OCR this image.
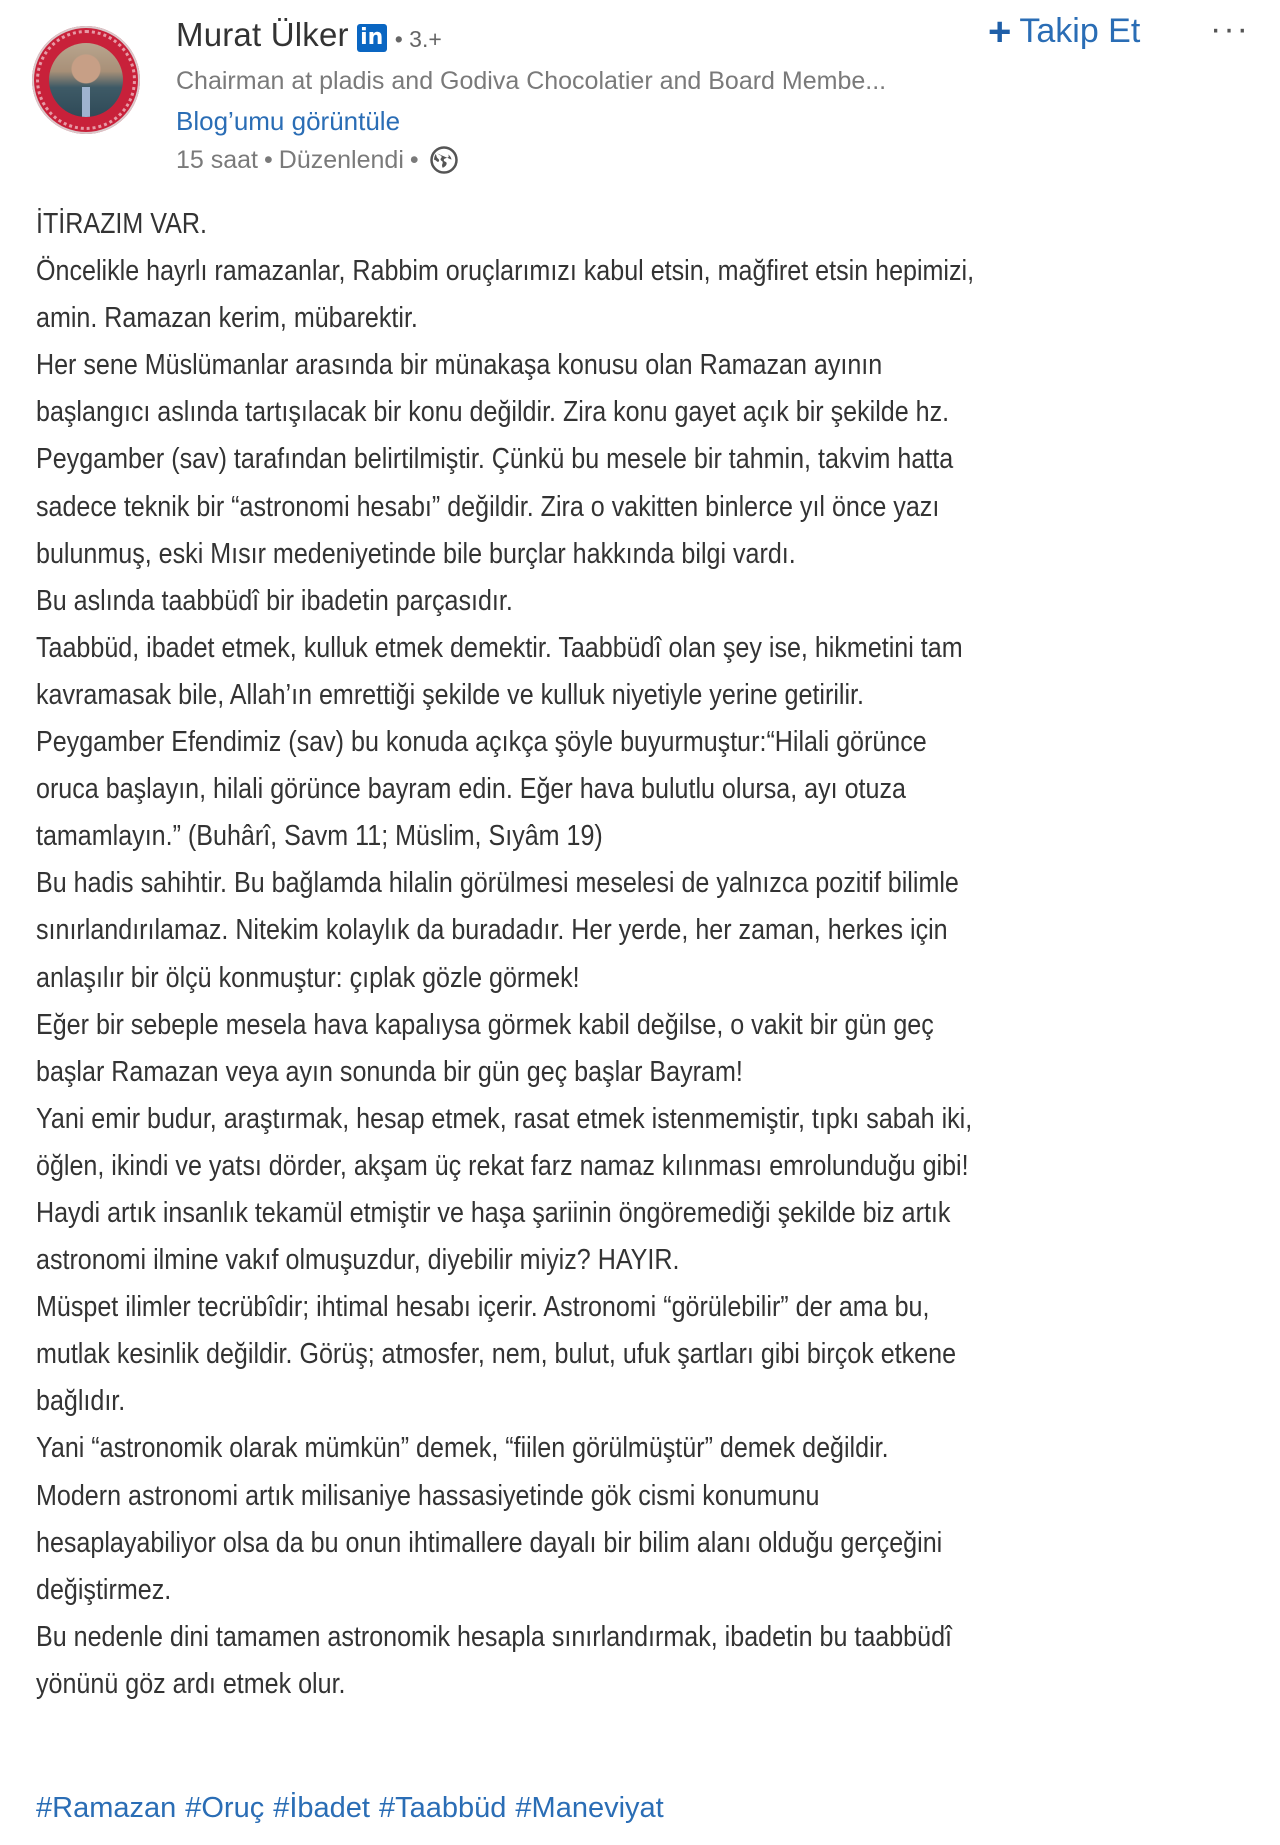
Murat Ülker in • 3.+
Chairman at pladis and Godiva Chocolatier and Board Membe...
Blog’umu görüntüle
15 saat • Düzenlendi •
+ Takip Et ···
İTİRAZIM VAR.
Öncelikle hayrlı ramazanlar, Rabbim oruçlarımızı kabul etsin, mağfiret etsin hepimizi,
amin. Ramazan kerim, mübarektir.
Her sene Müslümanlar arasında bir münakaşa konusu olan Ramazan ayının
başlangıcı aslında tartışılacak bir konu değildir. Zira konu gayet açık bir şekilde hz.
Peygamber (sav) tarafından belirtilmiştir. Çünkü bu mesele bir tahmin, takvim hatta
sadece teknik bir “astronomi hesabı” değildir. Zira o vakitten binlerce yıl önce yazı
bulunmuş, eski Mısır medeniyetinde bile burçlar hakkında bilgi vardı.
Bu aslında taabbüdî bir ibadetin parçasıdır.
Taabbüd, ibadet etmek, kulluk etmek demektir. Taabbüdî olan şey ise, hikmetini tam
kavramasak bile, Allah’ın emrettiği şekilde ve kulluk niyetiyle yerine getirilir.
Peygamber Efendimiz (sav) bu konuda açıkça şöyle buyurmuştur:“Hilali görünce
oruca başlayın, hilali görünce bayram edin. Eğer hava bulutlu olursa, ayı otuza
tamamlayın.” (Buhârî, Savm 11; Müslim, Sıyâm 19)
Bu hadis sahihtir. Bu bağlamda hilalin görülmesi meselesi de yalnızca pozitif bilimle
sınırlandırılamaz. Nitekim kolaylık da buradadır. Her yerde, her zaman, herkes için
anlaşılır bir ölçü konmuştur: çıplak gözle görmek!
Eğer bir sebeple mesela hava kapalıysa görmek kabil değilse, o vakit bir gün geç
başlar Ramazan veya ayın sonunda bir gün geç başlar Bayram!
Yani emir budur, araştırmak, hesap etmek, rasat etmek istenmemiştir, tıpkı sabah iki,
öğlen, ikindi ve yatsı dörder, akşam üç rekat farz namaz kılınması emrolunduğu gibi!
Haydi artık insanlık tekamül etmiştir ve haşa şariinin öngöremediği şekilde biz artık
astronomi ilmine vakıf olmuşuzdur, diyebilir miyiz? HAYIR.
Müspet ilimler tecrübîdir; ihtimal hesabı içerir. Astronomi “görülebilir” der ama bu,
mutlak kesinlik değildir. Görüş; atmosfer, nem, bulut, ufuk şartları gibi birçok etkene
bağlıdır.
Yani “astronomik olarak mümkün” demek, “fiilen görülmüştür” demek değildir.
Modern astronomi artık milisaniye hassasiyetinde gök cismi konumunu
hesaplayabiliyor olsa da bu onun ihtimallere dayalı bir bilim alanı olduğu gerçeğini
değiştirmez.
Bu nedenle dini tamamen astronomik hesapla sınırlandırmak, ibadetin bu taabbüdî
yönünü göz ardı etmek olur.
#Ramazan #Oruç #İbadet #Taabbüd #Maneviyat
